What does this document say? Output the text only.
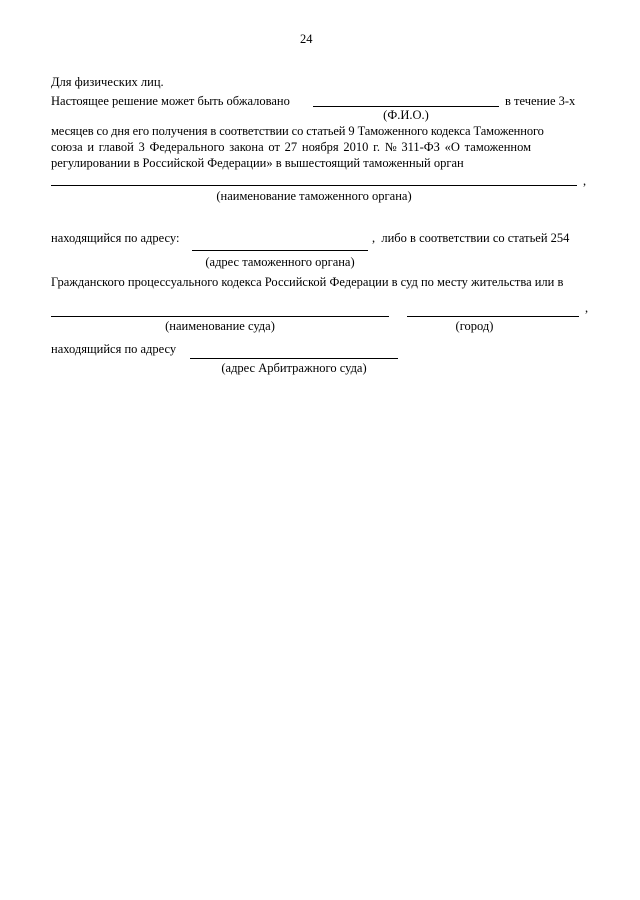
24
Для физических лиц.
Настоящее решение может быть обжаловано	в течение 3-х
(Ф.И.О.)
месяцев со дня его получения в соответствии со статьей 9 Таможенного кодекса Таможенного
союза и главой 3 Федерального закона от 27 ноября 2010 г. № 311-ФЗ «О таможенном
регулировании в Российской Федерации» в вышестоящий таможенный орган
,
(наименование таможенного органа)
находящийся по адресу:	,  либо в соответствии со статьей 254
(адрес таможенного органа)
Гражданского процессуального кодекса Российской Федерации в суд по месту жительства или в
,
(наименование суда)	(город)
находящийся по адресу
(адрес Арбитражного суда)
